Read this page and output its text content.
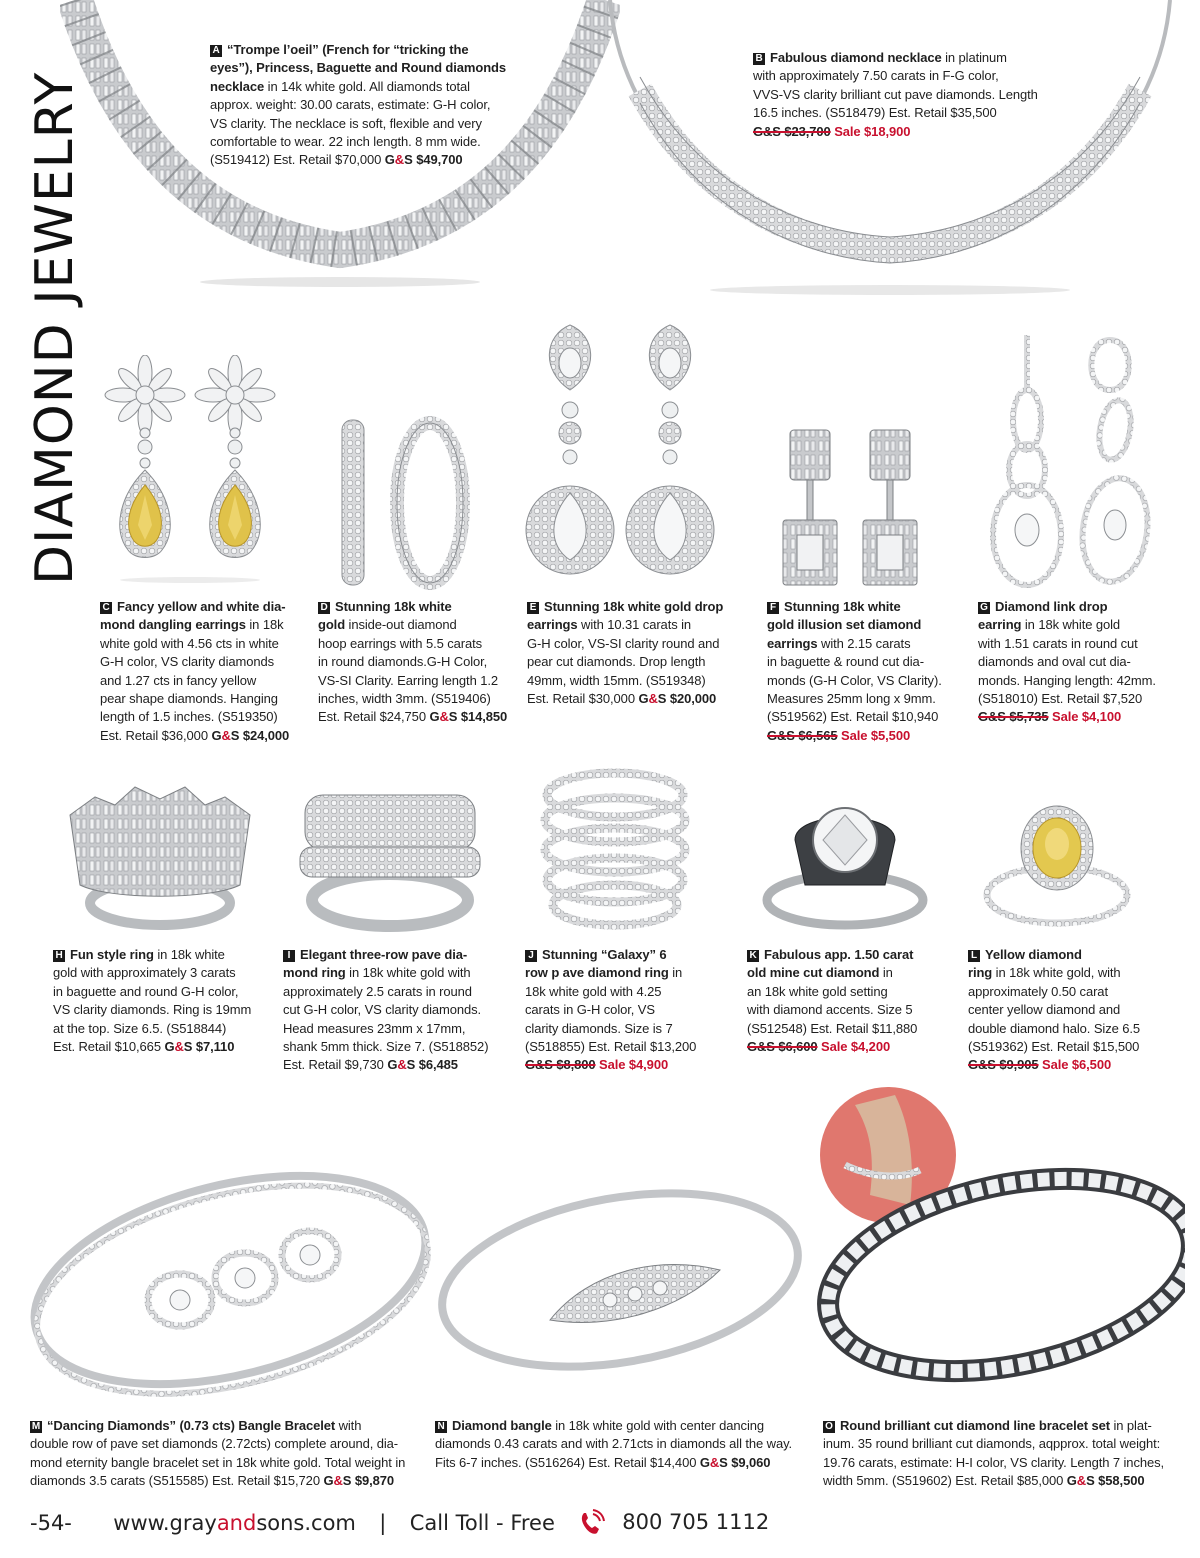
DIAMOND JEWELRY
A “Trompe l’oeil” (French for “tricking the
eyes”), Princess, Baguette and Round diamonds
necklace in 14k white gold. All diamonds total
approx. weight: 30.00 carats, estimate: G-H color,
VS clarity. The necklace is soft, flexible and very
comfortable to wear. 22 inch length. 8 mm wide.
(S519412) Est. Retail $70,000 G&S $49,700
B Fabulous diamond necklace in platinum
with approximately 7.50 carats in F-G color,
VVS-VS clarity brilliant cut pave diamonds. Length
16.5 inches. (S518479) Est. Retail $35,500
G&S $23,700 Sale $18,900
C Fancy yellow and white dia-
mond dangling earrings in 18k
white gold with 4.56 cts in white
G-H color, VS clarity diamonds
and 1.27 cts in fancy yellow
pear shape diamonds. Hanging
length of 1.5 inches. (S519350)
Est. Retail $36,000 G&S $24,000
D Stunning 18k white
gold inside-out diamond
hoop earrings with 5.5 carats
in round diamonds.G-H Color,
VS-SI Clarity. Earring length 1.2
inches, width 3mm. (S519406)
Est. Retail $24,750 G&S $14,850
E Stunning 18k white gold drop
earrings with 10.31 carats in
G-H color, VS-SI clarity round and
pear cut diamonds. Drop length
49mm, width 15mm. (S519348)
Est. Retail $30,000 G&S $20,000
F Stunning 18k white
gold illusion set diamond
earrings with 2.15 carats
in baguette & round cut dia-
monds (G-H Color, VS Clarity).
Measures 25mm long x 9mm.
(S519562) Est. Retail $10,940
G&S $6,565 Sale $5,500
G Diamond link drop
earring in 18k white gold
with 1.51 carats in round cut
diamonds and oval cut dia-
monds. Hanging length: 42mm.
(S518010) Est. Retail $7,520
G&S $5,735 Sale $4,100
H Fun style ring in 18k white
gold with approximately 3 carats
in baguette and round G-H color,
VS clarity diamonds. Ring is 19mm
at the top. Size 6.5. (S518844)
Est. Retail $10,665 G&S $7,110
I Elegant three-row pave dia-
mond ring in 18k white gold with
approximately 2.5 carats in round
cut G-H color, VS clarity diamonds.
Head measures 23mm x 17mm,
shank 5mm thick. Size 7. (S518852)
Est. Retail $9,730 G&S $6,485
J Stunning “Galaxy” 6
row p ave diamond ring in
18k white gold with 4.25
carats in G-H color, VS
clarity diamonds. Size is 7
(S518855) Est. Retail $13,200
G&S $8,800 Sale $4,900
K Fabulous app. 1.50 carat
old mine cut diamond in
an 18k white gold setting
with diamond accents. Size 5
(S512548) Est. Retail $11,880
G&S $6,600 Sale $4,200
L Yellow diamond
ring in 18k white gold, with
approximately 0.50 carat
center yellow diamond and
double diamond halo. Size 6.5
(S519362) Est. Retail $15,500
G&S $9,905 Sale $6,500
M “Dancing Diamonds” (0.73 cts) Bangle Bracelet with
double row of pave set diamonds (2.72cts) complete around, dia-
mond eternity bangle bracelet set in 18k white gold. Total weight in
diamonds 3.5 carats (S515585) Est. Retail $15,720 G&S $9,870
N Diamond bangle in 18k white gold with center dancing
diamonds 0.43 carats and with 2.71cts in diamonds all the way.
Fits 6-7 inches. (S516264) Est. Retail $14,400 G&S $9,060
O Round brilliant cut diamond line bracelet set in plat-
inum. 35 round brilliant cut diamonds, aqpprox. total weight:
19.76 carats, estimate: H-I color, VS clarity. Length 7 inches,
width 5mm. (S519602) Est. Retail $85,000 G&S $58,500
-54- www.grayandsons.com | Call Toll - Free	800 705 1112
